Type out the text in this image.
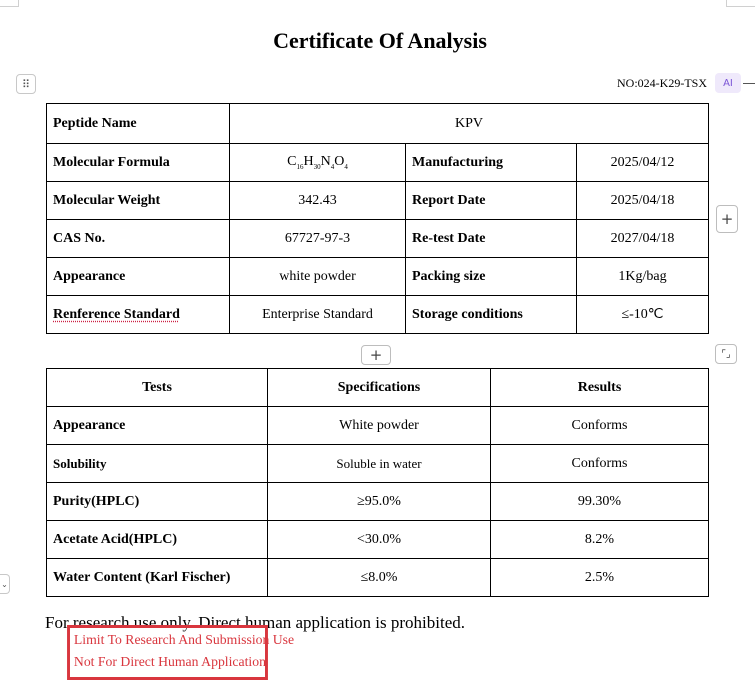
Certificate Of Analysis
⠿	NO:024-K29-TSX	AI
Peptide Name	KPV		
Molecular Formula	$C_{16}H_{30}N_4O_4$	Manufacturing	2025/04/12
Molecular Weight	342.43	Report Date	2025/04/18
CAS No.	67727-97-3	Re-test Date	2027/04/18
Appearance	white powder	Packing size	1Kg/bag
Renference Standard	Enterprise Standard	Storage conditions	≤-10℃
+
+	⌜⌟
Tests	Specifications	Results
Appearance	White powder	Conforms
Solubility	Soluble in water	Conforms
Purity(HPLC)	≥95.0%	99.30%
Acetate Acid(HPLC)	<30.0%	8.2%
Water Content (Karl Fischer)	≤8.0%	2.5%
⌄
For research use only. Direct human application is prohibited.
Limit To Research And Submission Use
Not For Direct Human Application
